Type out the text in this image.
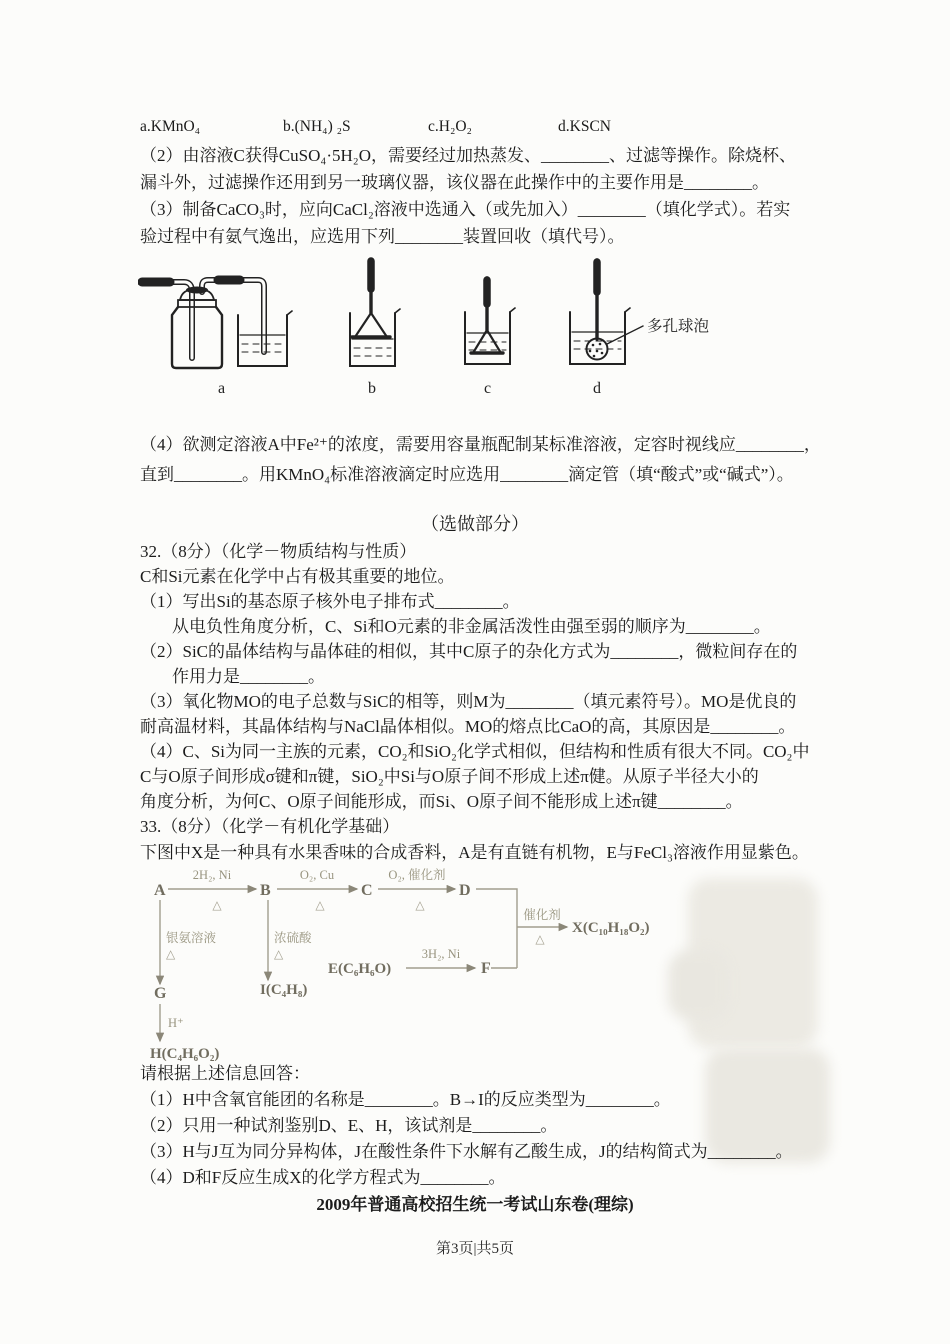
a.KMnO₄	b.(NH₄) ₂S	c.H₂O₂	d.KSCN
（2）由溶液C获得CuSO₄·5H₂O，需要经过加热蒸发、________、过滤等操作。除烧杯、
漏斗外，过滤操作还用到另一玻璃仪器，该仪器在此操作中的主要作用是________。
（3）制备CaCO₃时，应向CaCl₂溶液中选通入（或先加入）________（填化学式）。若实
验过程中有氨气逸出，应选用下列________装置回收（填代号）。
a	b	c	d
多孔球泡
（4）欲测定溶液A中Fe²⁺的浓度，需要用容量瓶配制某标准溶液，定容时视线应________，
直到________。用KMnO₄标准溶液滴定时应选用________滴定管（填“酸式”或“碱式”）。
（选做部分）
32.（8分）（化学－物质结构与性质）
C和Si元素在化学中占有极其重要的地位。
（1）写出Si的基态原子核外电子排布式________。
从电负性角度分析，C、Si和O元素的非金属活泼性由强至弱的顺序为________。
（2）SiC的晶体结构与晶体硅的相似，其中C原子的杂化方式为________，微粒间存在的
作用力是________。
（3）氧化物MO的电子总数与SiC的相等，则M为________（填元素符号）。MO是优良的
耐高温材料，其晶体结构与NaCl晶体相似。MO的熔点比CaO的高，其原因是________。
（4）C、Si为同一主族的元素，CO₂和SiO₂化学式相似，但结构和性质有很大不同。CO₂中
C与O原子间形成σ键和π键，SiO₂中Si与O原子间不形成上述π健。从原子半径大小的
角度分析，为何C、O原子间能形成，而Si、O原子间不能形成上述π键________。
33.（8分）（化学－有机化学基础）
下图中X是一种具有水果香味的合成香料，A是有直链有机物，E与FeCl₃溶液作用显紫色。
A	B	C	D
F
G
X(C₁₀H₁₈O₂)
E(C₆H₆O)
H(C₄H₆O₂)
I(C₄H₈)
2H₂, Ni	O₂, Cu	O₂, 催化剂
催化剂
3H₂, Ni
银氨溶液	浓硫酸
H⁺
△	△	△
△
△	△
请根据上述信息回答：
（1）H中含氧官能团的名称是________。B→I的反应类型为________。
（2）只用一种试剂鉴别D、E、H，该试剂是________。
（3）H与J互为同分异构体，J在酸性条件下水解有乙酸生成，J的结构简式为________。
（4）D和F反应生成X的化学方程式为________。
2009年普通高校招生统一考试山东卷(理综)
第3页|共5页
